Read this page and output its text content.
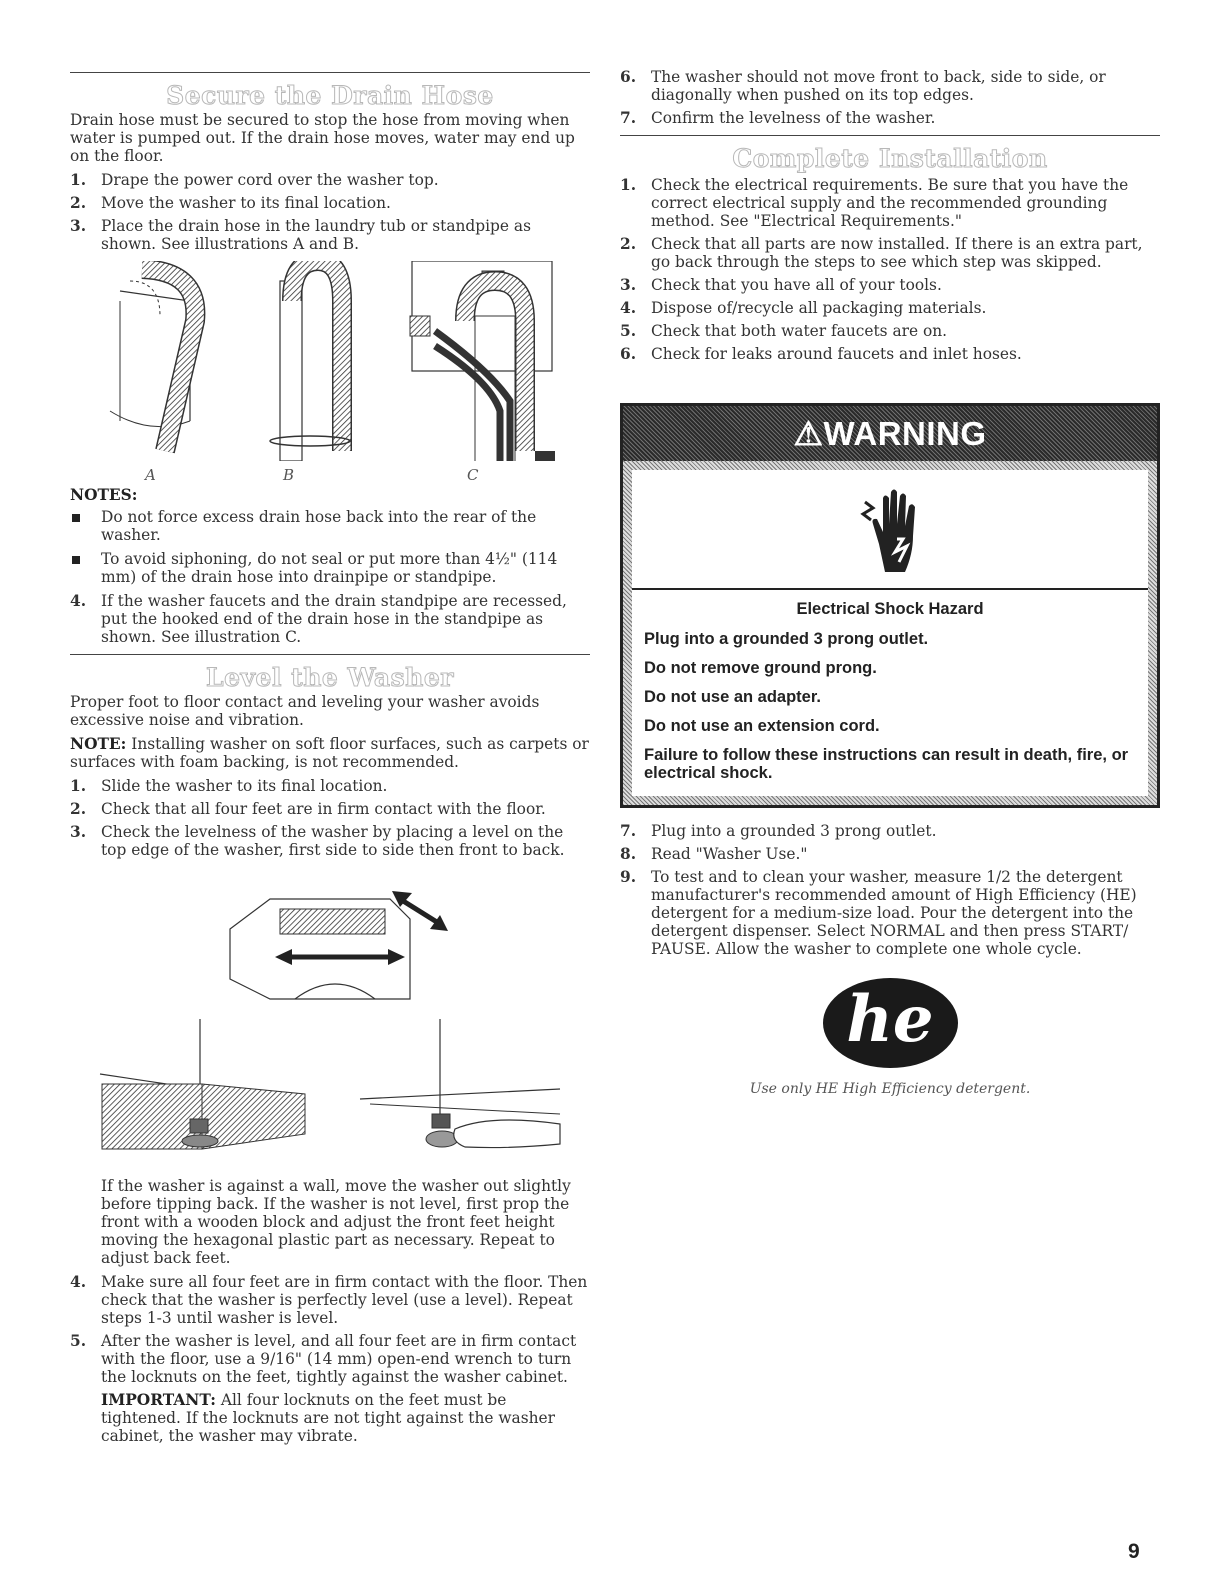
Secure the Drain Hose

Drain hose must be secured to stop the hose from moving when water is pumped out. If the drain hose moves, water may end up on the floor.

1. Drape the power cord over the washer top.
2. Move the washer to its final location.
3. Place the drain hose in the laundry tub or standpipe as shown. See illustrations A and B.
A	B	C
NOTES:
Do not force excess drain hose back into the rear of the washer.
To avoid siphoning, do not seal or put more than 4½" (114 mm) of the drain hose into drainpipe or standpipe.
4. If the washer faucets and the drain standpipe are recessed, put the hooked end of the drain hose in the standpipe as shown. See illustration C.
Level the Washer

Proper foot to floor contact and leveling your washer avoids excessive noise and vibration.

NOTE: Installing washer on soft floor surfaces, such as carpets or surfaces with foam backing, is not recommended.

1. Slide the washer to its final location.
2. Check that all four feet are in firm contact with the floor.
3. Check the levelness of the washer by placing a level on the top edge of the washer, first side to side then front to back.

If the washer is against a wall, move the washer out slightly before tipping back. If the washer is not level, first prop the front with a wooden block and adjust the front feet height moving the hexagonal plastic part as necessary. Repeat to adjust back feet.

4. Make sure all four feet are in firm contact with the floor. Then check that the washer is perfectly level (use a level). Repeat steps 1-3 until washer is level.
5. After the washer is level, and all four feet are in firm contact with the floor, use a 9/16" (14 mm) open-end wrench to turn the locknuts on the feet, tightly against the washer cabinet.

IMPORTANT: All four locknuts on the feet must be tightened. If the locknuts are not tight against the washer cabinet, the washer may vibrate.

6. The washer should not move front to back, side to side, or diagonally when pushed on its top edges.
7. Confirm the levelness of the washer.
Complete Installation
1. Check the electrical requirements. Be sure that you have the correct electrical supply and the recommended grounding method. See "Electrical Requirements."
2. Check that all parts are now installed. If there is an extra part, go back through the steps to see which step was skipped.
3. Check that you have all of your tools.
4. Dispose of/recycle all packaging materials.
5. Check that both water faucets are on.
6. Check for leaks around faucets and inlet hoses.
⚠ WARNING
Electrical Shock Hazard
Plug into a grounded 3 prong outlet.
Do not remove ground prong.
Do not use an adapter.
Do not use an extension cord.
Failure to follow these instructions can result in death, fire, or electrical shock.
7. Plug into a grounded 3 prong outlet.
8. Read "Washer Use."
9. To test and to clean your washer, measure 1/2 the detergent manufacturer's recommended amount of High Efficiency (HE) detergent for a medium-size load. Pour the detergent into the detergent dispenser. Select NORMAL and then press START/ PAUSE. Allow the washer to complete one whole cycle.
he
Use only HE High Efficiency detergent.
9
